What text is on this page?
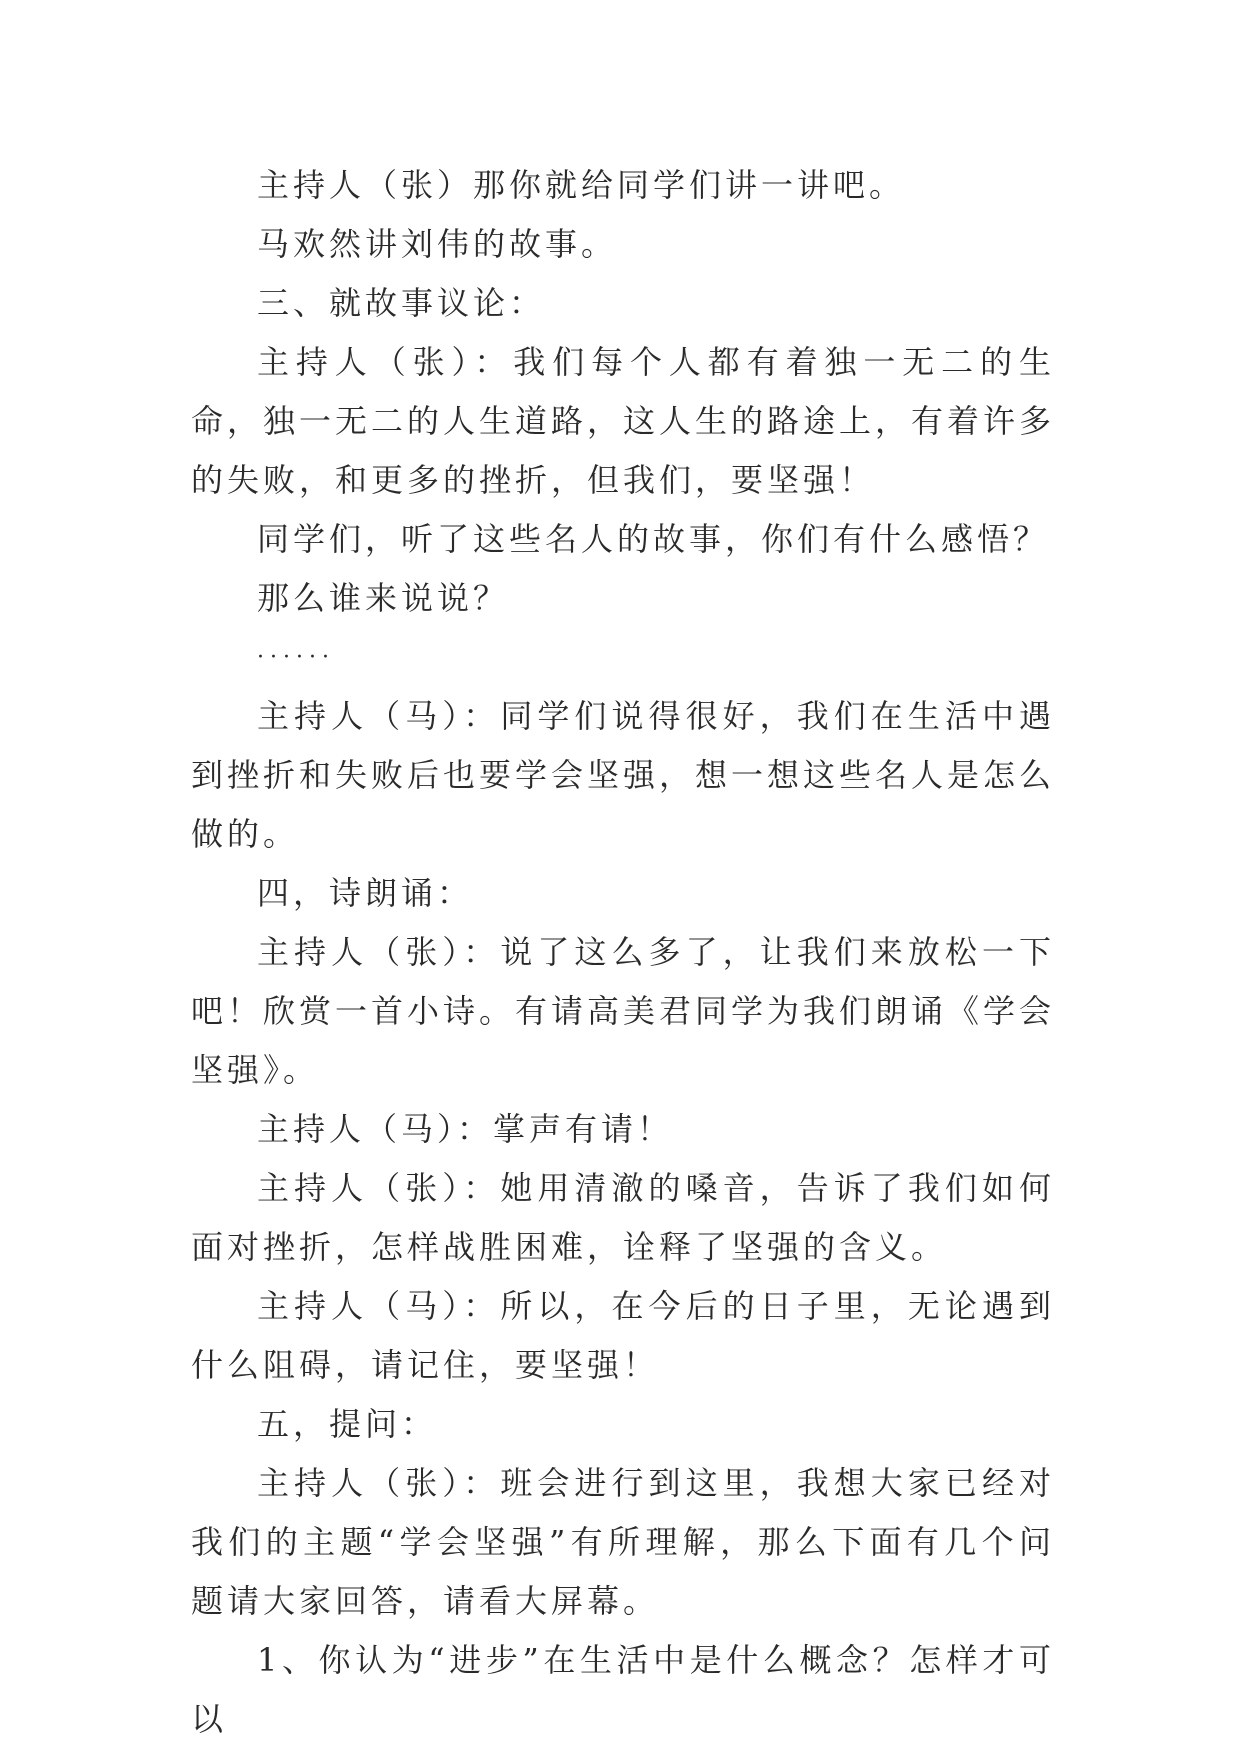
主持人（张）那你就给同学们讲一讲吧。

马欢然讲刘伟的故事。

三、就故事议论：

主持人（张）：我们每个人都有着独一无二的生命，独一无二的人生道路，这人生的路途上，有着许多的失败，和更多的挫折，但我们，要坚强！

同学们，听了这些名人的故事，你们有什么感悟？

那么谁来说说？

······

主持人（马）：同学们说得很好，我们在生活中遇到挫折和失败后也要学会坚强，想一想这些名人是怎么做的。

四，诗朗诵：

主持人（张）：说了这么多了，让我们来放松一下吧！欣赏一首小诗。有请高美君同学为我们朗诵《学会坚强》。

主持人（马）：掌声有请！

主持人（张）：她用清澈的嗓音，告诉了我们如何面对挫折，怎样战胜困难，诠释了坚强的含义。

主持人（马）：所以，在今后的日子里，无论遇到什么阻碍，请记住，要坚强！

五，提问：

主持人（张）：班会进行到这里，我想大家已经对我们的主题“学会坚强”有所理解，那么下面有几个问题请大家回答，请看大屏幕。

1、你认为“进步”在生活中是什么概念？怎样才可以
